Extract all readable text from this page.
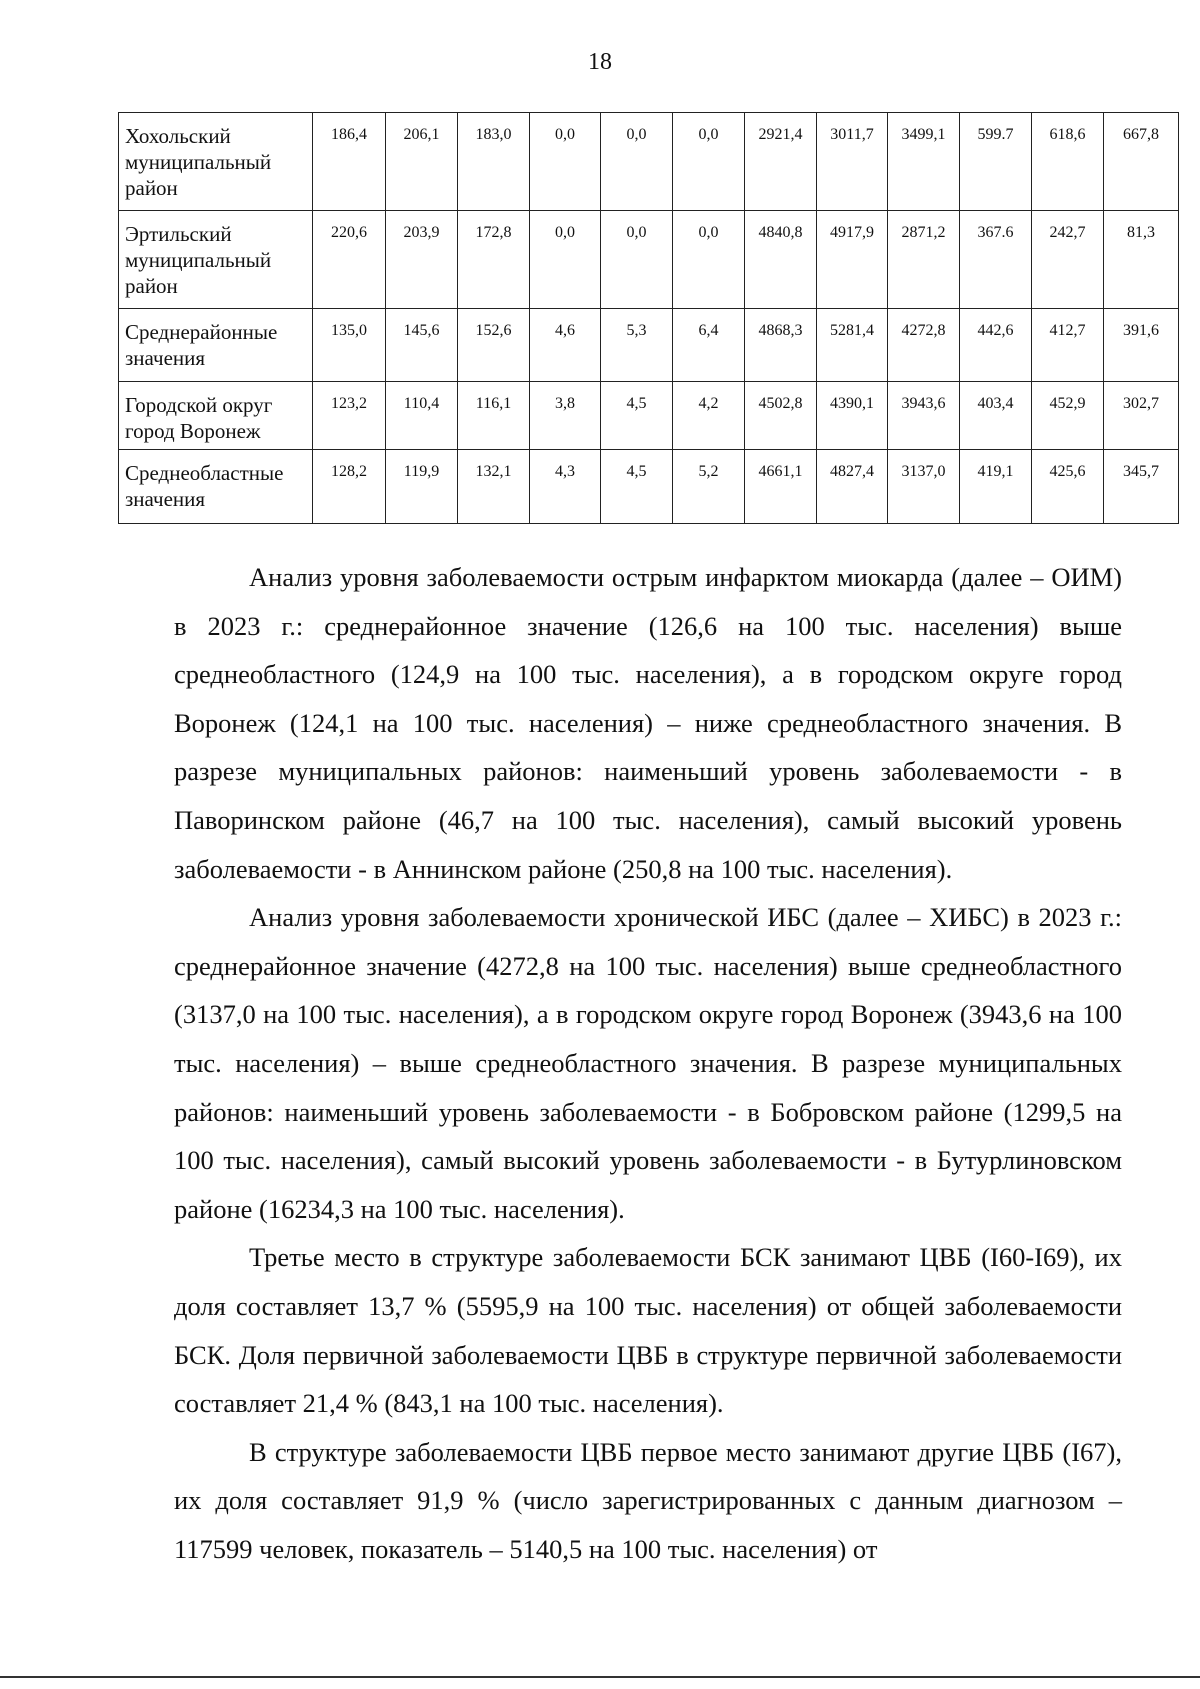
18
Хохольский муниципальный район	186,4	206,1	183,0	0,0	0,0	0,0	2921,4	3011,7	3499,1	599.7	618,6	667,8
Эртильский муниципальный район	220,6	203,9	172,8	0,0	0,0	0,0	4840,8	4917,9	2871,2	367.6	242,7	81,3
Среднерайонные значения	135,0	145,6	152,6	4,6	5,3	6,4	4868,3	5281,4	4272,8	442,6	412,7	391,6
Городской округ город Воронеж	123,2	110,4	116,1	3,8	4,5	4,2	4502,8	4390,1	3943,6	403,4	452,9	302,7
Среднеобластные значения	128,2	119,9	132,1	4,3	4,5	5,2	4661,1	4827,4	3137,0	419,1	425,6	345,7

Анализ уровня заболеваемости острым инфарктом миокарда (далее – ОИМ) в 2023 г.: среднерайонное значение (126,6 на 100 тыс. населения) выше среднеобластного (124,9 на 100 тыс. населения), а в городском округе город Воронеж (124,1 на 100 тыс. населения) – ниже среднеобластного значения. В разрезе муниципальных районов: наименьший уровень заболеваемости - в Паворинском районе (46,7 на 100 тыс. населения), самый высокий уровень заболеваемости - в Аннинском районе (250,8 на 100 тыс. населения).

Анализ уровня заболеваемости хронической ИБС (далее – ХИБС) в 2023 г.: среднерайонное значение (4272,8 на 100 тыс. населения) выше среднеобластного (3137,0 на 100 тыс. населения), а в городском округе город Воронеж (3943,6 на 100 тыс. населения) – выше среднеобластного значения. В разрезе муниципальных районов: наименьший уровень заболеваемости - в Бобровском районе (1299,5 на 100 тыс. населения), самый высокий уровень заболеваемости - в Бутурлиновском районе (16234,3 на 100 тыс. населения).

Третье место в структуре заболеваемости БСК занимают ЦВБ (I60-I69), их доля составляет 13,7 % (5595,9 на 100 тыс. населения) от общей заболеваемости БСК. Доля первичной заболеваемости ЦВБ в структуре первичной заболеваемости составляет 21,4 % (843,1 на 100 тыс. населения).

В структуре заболеваемости ЦВБ первое место занимают другие ЦВБ (I67), их доля составляет 91,9 % (число зарегистрированных с данным диагнозом – 117599 человек, показатель – 5140,5 на 100 тыс. населения) от
